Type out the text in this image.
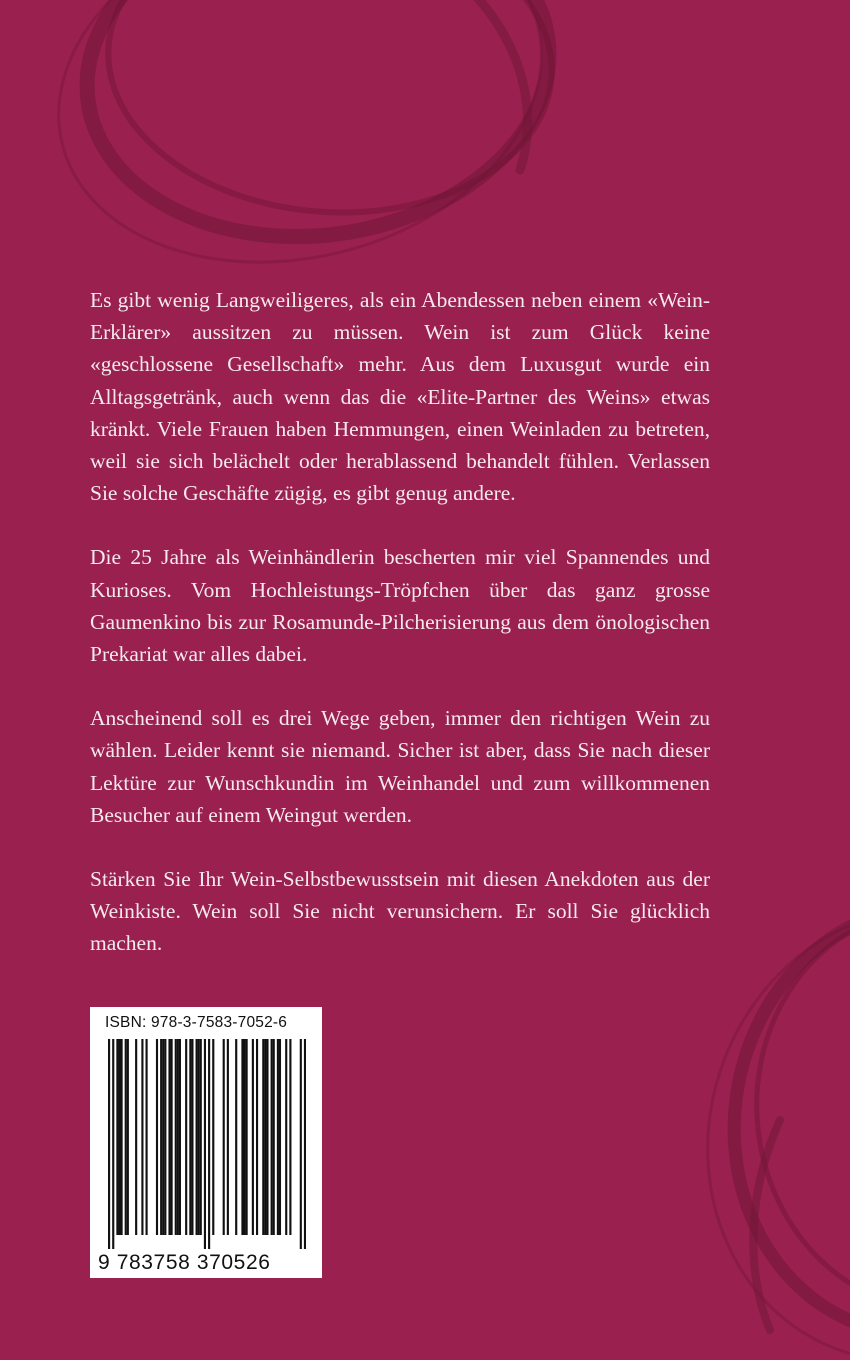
Es gibt wenig Langweiligeres, als ein Abendessen neben einem «Wein-Erklärer» aussitzen zu müssen. Wein ist zum Glück keine «geschlossene Gesellschaft» mehr. Aus dem Luxusgut wurde ein Alltagsgetränk, auch wenn das die «Elite-Partner des Weins» etwas kränkt. Viele Frauen haben Hemmungen, einen Weinladen zu betreten, weil sie sich belächelt oder herablassend behandelt fühlen. Verlassen Sie solche Geschäfte zügig, es gibt genug andere.

Die 25 Jahre als Weinhändlerin bescherten mir viel Spannendes und Kurioses. Vom Hochleistungs-Tröpfchen über das ganz grosse Gaumenkino bis zur Rosamunde-Pilcherisierung aus dem önologischen Prekariat war alles dabei.

Anscheinend soll es drei Wege geben, immer den richtigen Wein zu wählen. Leider kennt sie niemand. Sicher ist aber, dass Sie nach dieser Lektüre zur Wunschkundin im Weinhandel und zum willkommenen Besucher auf einem Weingut werden.

Stärken Sie Ihr Wein-Selbstbewusstsein mit diesen Anekdoten aus der Weinkiste. Wein soll Sie nicht verunsichern. Er soll Sie glücklich machen.

ISBN: 978-3-7583-7052-6
9 783758 370526
